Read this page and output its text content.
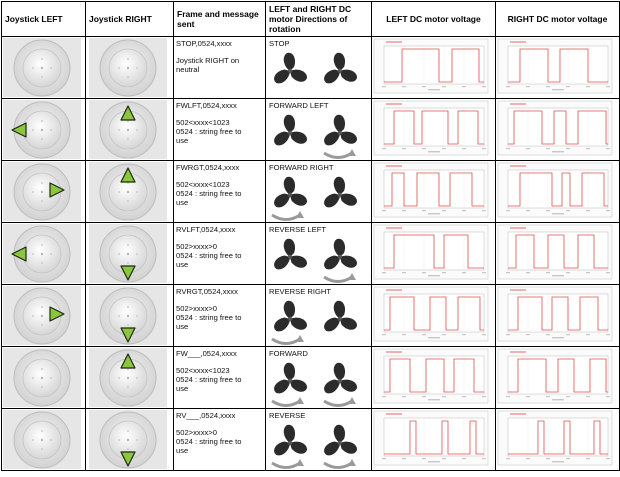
Joystick LEFT	Joystick RIGHT	Frame and message sent	LEFT and RIGHT DC motor Directions of rotation	LEFT DC motor voltage	RIGHT DC motor voltage

STOP,0524,xxxx
Joystick RIGHT on
neutral	STOP

FWLFT,0524,xxxx
502<xxxx<1023
0524 : string free to
use	FORWARD LEFT

FWRGT,0524,xxxx
502<xxxx<1023
0524 : string free to
use	FORWARD RIGHT

RVLFT,0524,xxxx
502>xxxx>0
0524 : string free to
use	REVERSE LEFT

RVRGT,0524,xxxx
502>xxxx>0
0524 : string free to
use	REVERSE RIGHT

FW___,0524,xxxx
502<xxxx<1023
0524 : string free to
use	FORWARD

RV___,0524,xxxx
502>xxxx>0
0524 : string free to
use	REVERSE
